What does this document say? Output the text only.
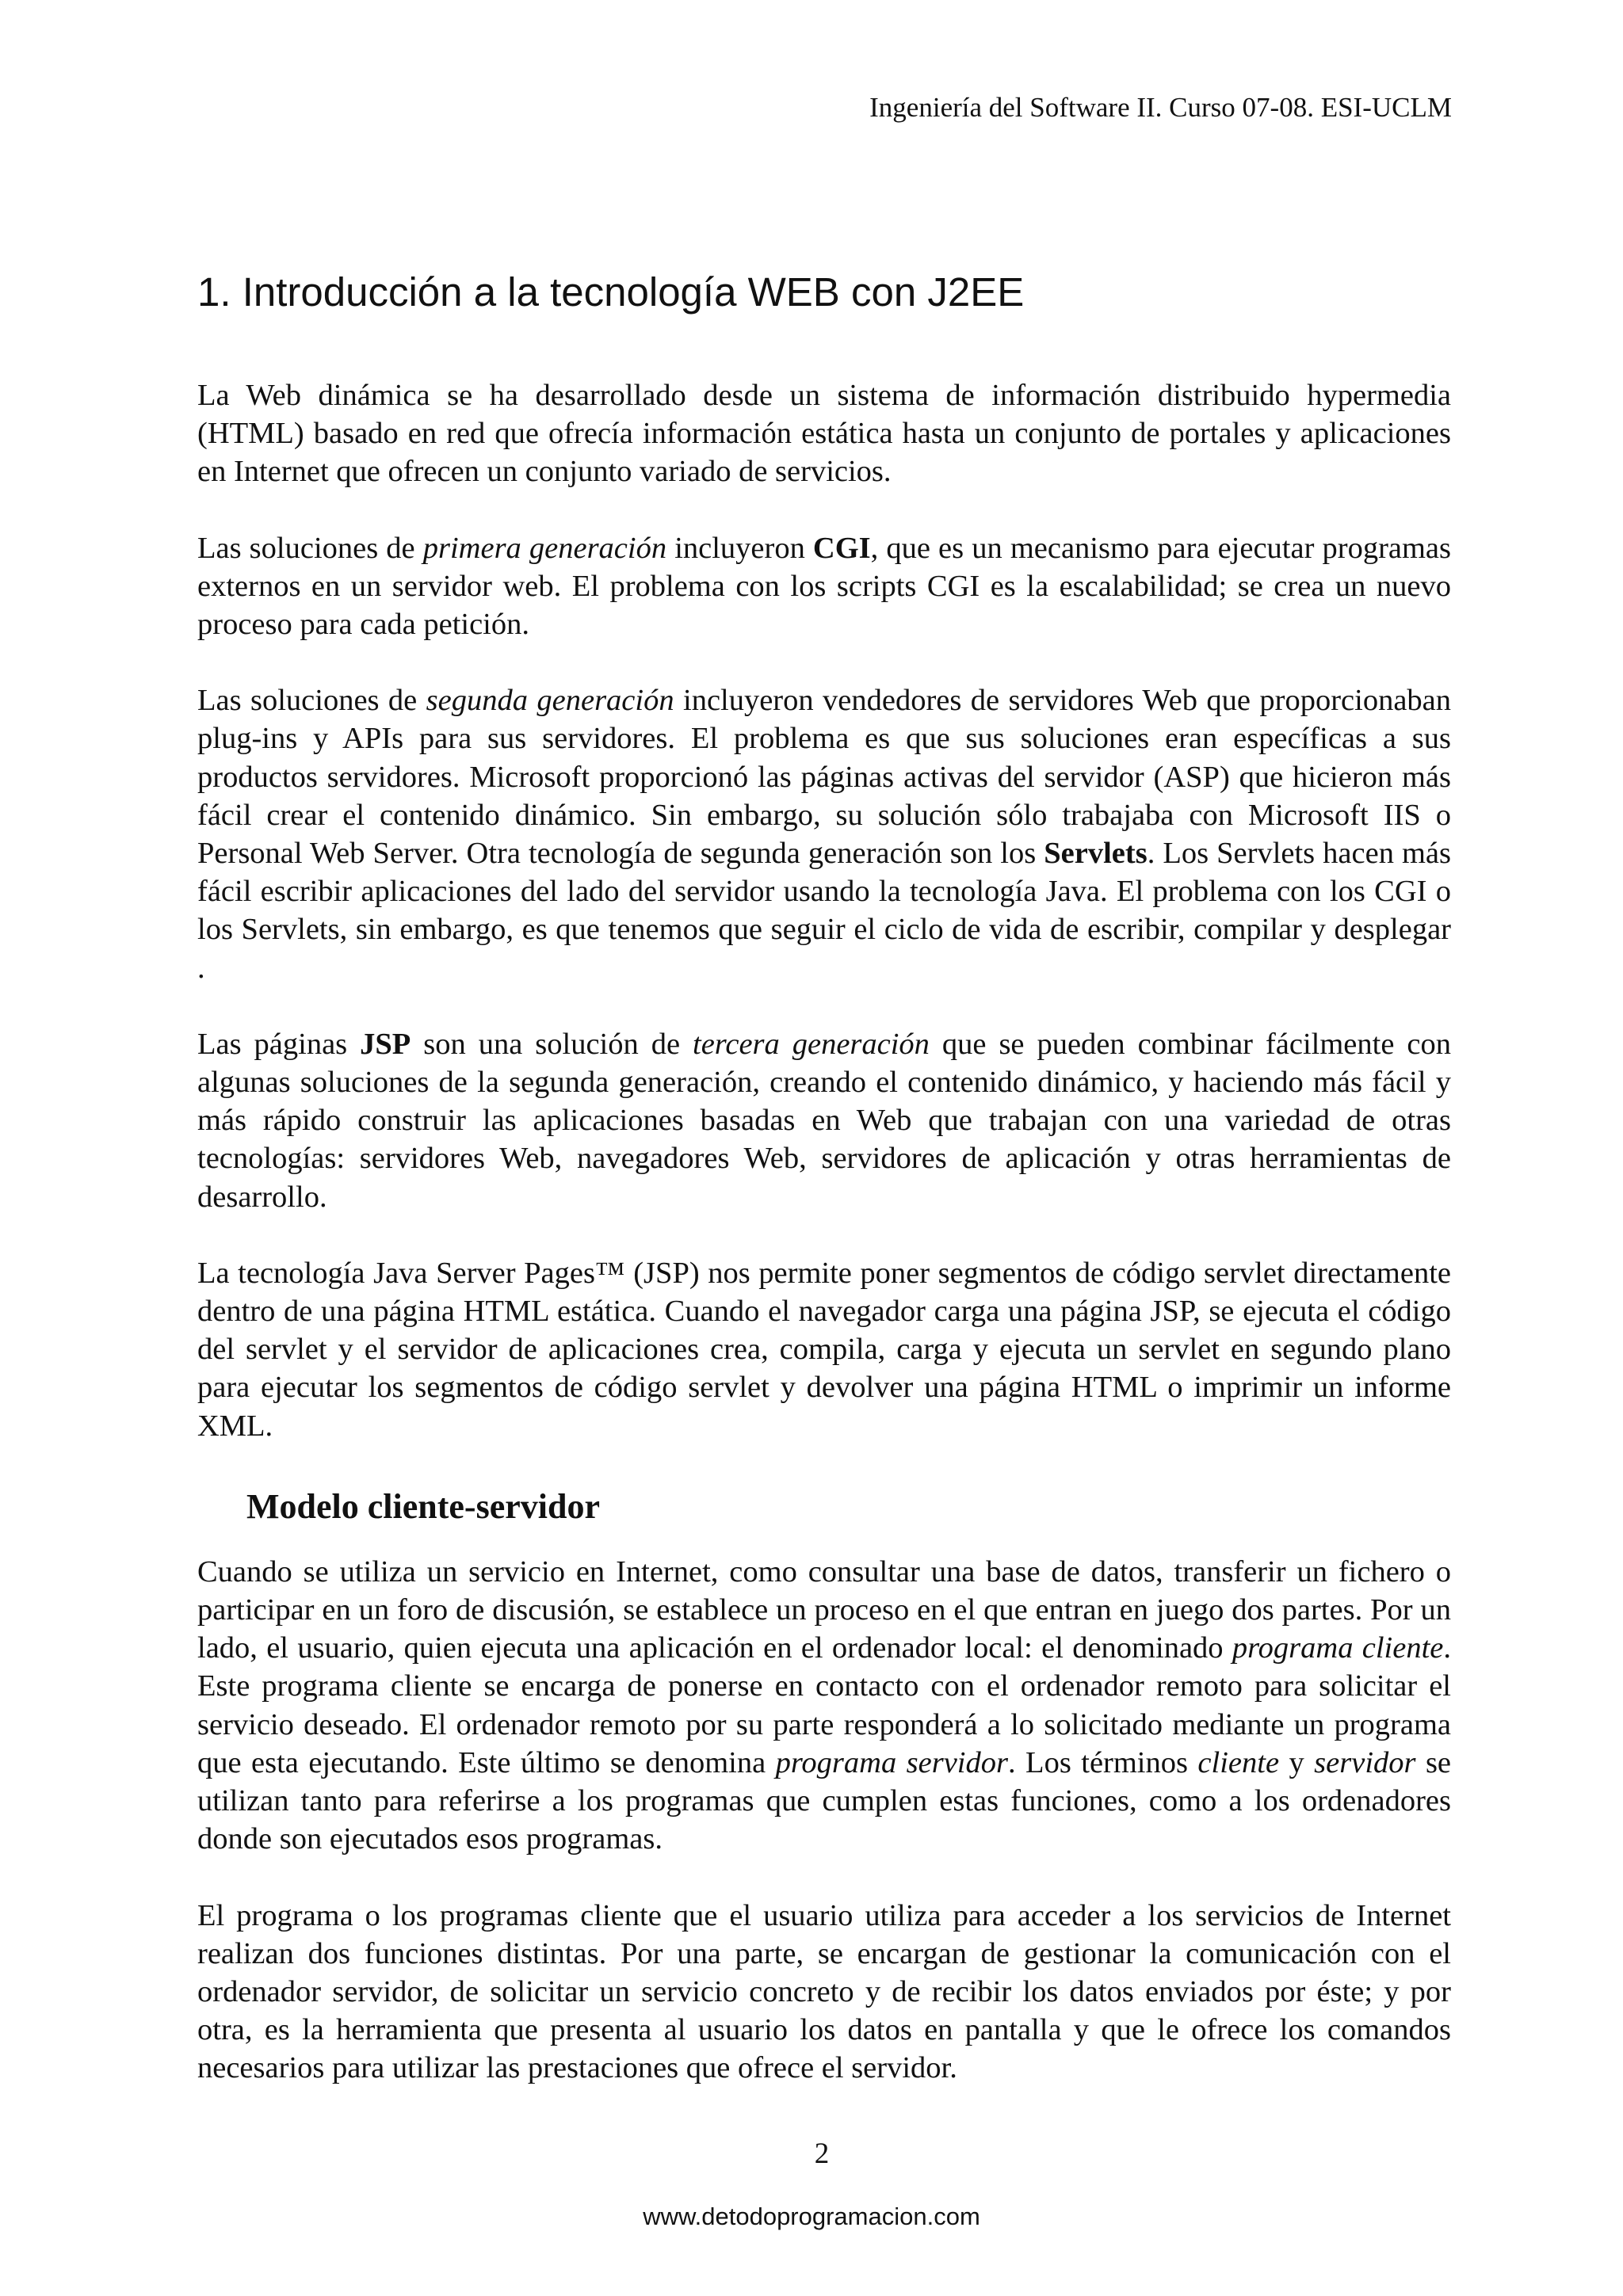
Ingeniería del Software II. Curso 07-08. ESI-UCLM
1. Introducción a la tecnología WEB con J2EE

La Web dinámica se ha desarrollado desde un sistema de información distribuido hypermedia (HTML) basado en red que ofrecía información estática hasta un conjunto de portales y aplicaciones en Internet que ofrecen un conjunto variado de servicios.

Las soluciones de primera generación incluyeron CGI, que es un mecanismo para ejecutar programas externos en un servidor web. El problema con los scripts CGI es la escalabilidad; se crea un nuevo proceso para cada petición.

Las soluciones de segunda generación incluyeron vendedores de servidores Web que proporcionaban plug-ins y APIs para sus servidores. El problema es que sus soluciones eran específicas a sus productos servidores. Microsoft proporcionó las páginas activas del servidor (ASP) que hicieron más fácil crear el contenido dinámico. Sin embargo, su solución sólo trabajaba con Microsoft IIS o Personal Web Server. Otra tecnología de segunda generación son los Servlets. Los Servlets hacen más fácil escribir aplicaciones del lado del servidor usando la tecnología Java. El problema con los CGI o los Servlets, sin embargo, es que tenemos que seguir el ciclo de vida de escribir, compilar y desplegar .

Las páginas JSP son una solución de tercera generación que se pueden combinar fácilmente con algunas soluciones de la segunda generación, creando el contenido dinámico, y haciendo más fácil y más rápido construir las aplicaciones basadas en Web que trabajan con una variedad de otras tecnologías: servidores Web, navegadores Web, servidores de aplicación y otras herramientas de desarrollo.

La tecnología Java Server Pages™ (JSP) nos permite poner segmentos de código servlet directamente dentro de una página HTML estática. Cuando el navegador carga una página JSP, se ejecuta el código del servlet y el servidor de aplicaciones crea, compila, carga y ejecuta un servlet en segundo plano para ejecutar los segmentos de código servlet y devolver una página HTML o imprimir un informe XML.

Modelo cliente-servidor

Cuando se utiliza un servicio en Internet, como consultar una base de datos, transferir un fichero o participar en un foro de discusión, se establece un proceso en el que entran en juego dos partes. Por un lado, el usuario, quien ejecuta una aplicación en el ordenador local: el denominado programa cliente. Este programa cliente se encarga de ponerse en contacto con el ordenador remoto para solicitar el servicio deseado. El ordenador remoto por su parte responderá a lo solicitado mediante un programa que esta ejecutando. Este último se denomina programa servidor. Los términos cliente y servidor se utilizan tanto para referirse a los programas que cumplen estas funciones, como a los ordenadores donde son ejecutados esos programas.

El programa o los programas cliente que el usuario utiliza para acceder a los servicios de Internet realizan dos funciones distintas. Por una parte, se encargan de gestionar la comunicación con el ordenador servidor, de solicitar un servicio concreto y de recibir los datos enviados por éste; y por otra, es la herramienta que presenta al usuario los datos en pantalla y que le ofrece los comandos necesarios para utilizar las prestaciones que ofrece el servidor.

2
www.detodoprogramacion.com
